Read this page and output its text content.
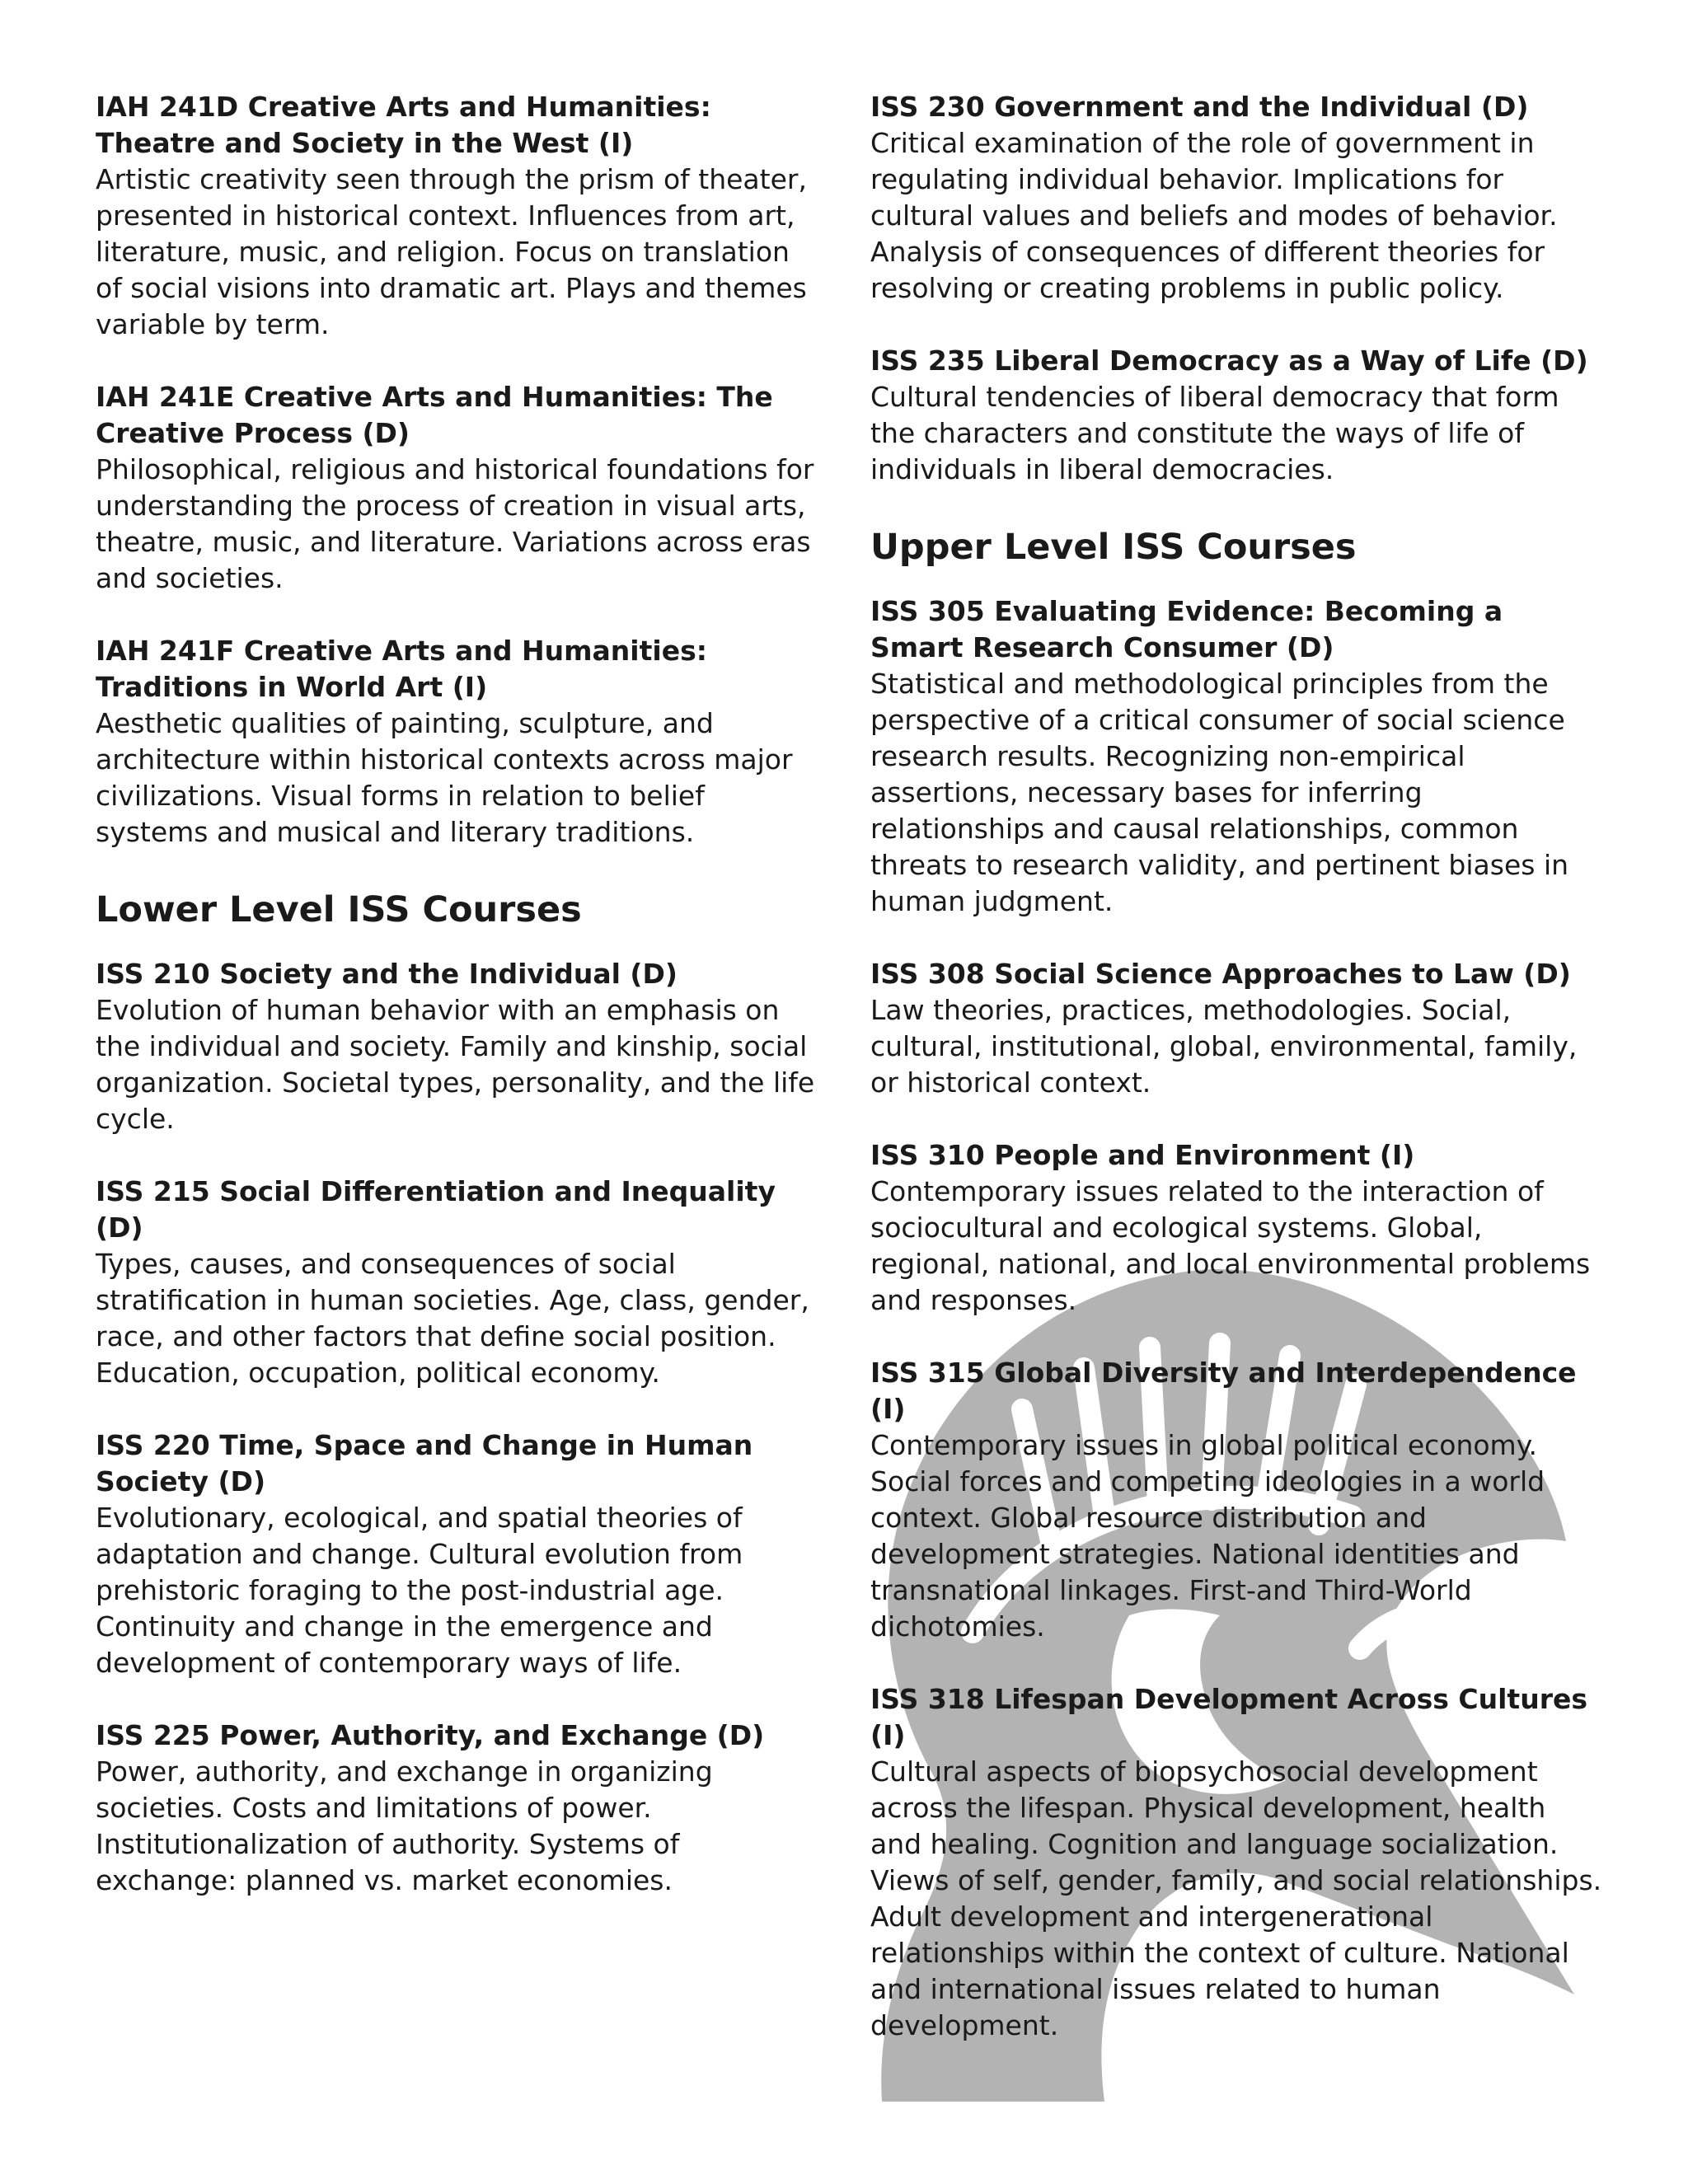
IAH 241D Creative Arts and Humanities: Theatre and Society in the West (I)

Artistic creativity seen through the prism of theater, presented in historical context. Influences from art, literature, music, and religion. Focus on translation of social visions into dramatic art. Plays and themes variable by term.

IAH 241E Creative Arts and Humanities: The Creative Process (D)

Philosophical, religious and historical foundations for understanding the process of creation in visual arts, theatre, music, and literature. Variations across eras and societies.

IAH 241F Creative Arts and Humanities: Traditions in World Art (I)

Aesthetic qualities of painting, sculpture, and architecture within historical contexts across major civilizations. Visual forms in relation to belief systems and musical and literary traditions.

Lower Level ISS Courses

ISS 210 Society and the Individual (D)

Evolution of human behavior with an emphasis on the individual and society. Family and kinship, social organization. Societal types, personality, and the life cycle.

ISS 215 Social Differentiation and Inequality (D)

Types, causes, and consequences of social stratification in human societies. Age, class, gender, race, and other factors that define social position. Education, occupation, political economy.

ISS 220 Time, Space and Change in Human Society (D)

Evolutionary, ecological, and spatial theories of adaptation and change. Cultural evolution from prehistoric foraging to the post-industrial age. Continuity and change in the emergence and development of contemporary ways of life.

ISS 225 Power, Authority, and Exchange (D)

Power, authority, and exchange in organizing societies. Costs and limitations of power. Institutionalization of authority. Systems of exchange: planned vs. market economies.

ISS 230 Government and the Individual (D)

Critical examination of the role of government in regulating individual behavior. Implications for cultural values and beliefs and modes of behavior. Analysis of consequences of different theories for resolving or creating problems in public policy.

ISS 235 Liberal Democracy as a Way of Life (D)

Cultural tendencies of liberal democracy that form the characters and constitute the ways of life of individuals in liberal democracies.

Upper Level ISS Courses

ISS 305 Evaluating Evidence: Becoming a Smart Research Consumer (D)

Statistical and methodological principles from the perspective of a critical consumer of social science research results. Recognizing non-empirical assertions, necessary bases for inferring relationships and causal relationships, common threats to research validity, and pertinent biases in human judgment.

ISS 308 Social Science Approaches to Law (D)

Law theories, practices, methodologies. Social, cultural, institutional, global, environmental, family, or historical context.

ISS 310 People and Environment (I)

Contemporary issues related to the interaction of sociocultural and ecological systems. Global, regional, national, and local environmental problems and responses.

ISS 315 Global Diversity and Interdependence (I)

Contemporary issues in global political economy. Social forces and competing ideologies in a world context. Global resource distribution and development strategies. National identities and transnational linkages. First-and Third-World dichotomies.

ISS 318 Lifespan Development Across Cultures (I)

Cultural aspects of biopsychosocial development across the lifespan. Physical development, health and healing. Cognition and language socialization. Views of self, gender, family, and social relationships. Adult development and intergenerational relationships within the context of culture. National and international issues related to human development.
